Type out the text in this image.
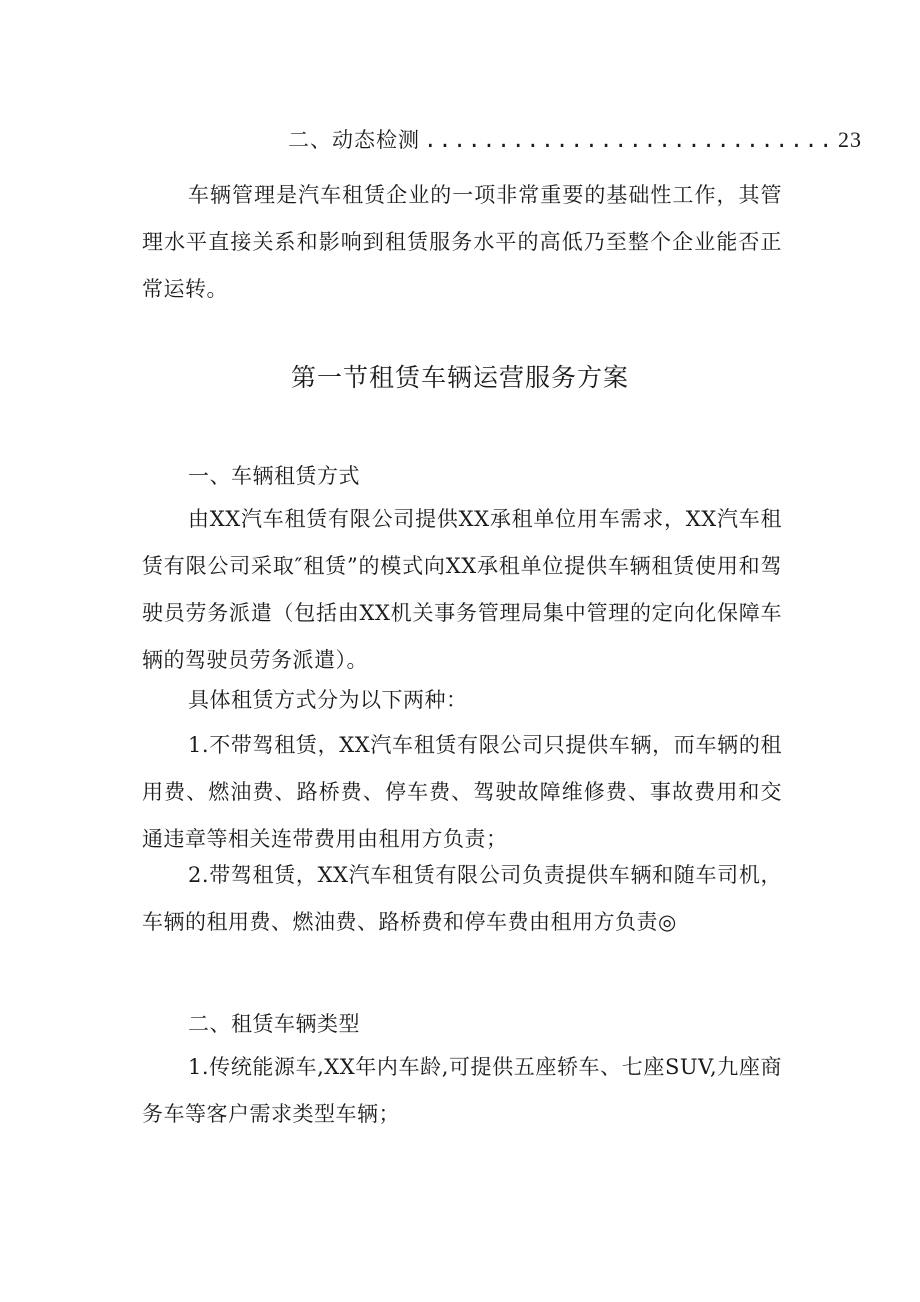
二、动态检测 ............................ 23

车辆管理是汽车租赁企业的一项非常重要的基础性工作，其管理水平直接关系和影响到租赁服务水平的高低乃至整个企业能否正常运转。

第一节租赁车辆运营服务方案
一、车辆租赁方式

由XX汽车租赁有限公司提供XX承租单位用车需求，XX汽车租赁有限公司采取″租赁”的模式向XX承租单位提供车辆租赁使用和驾驶员劳务派遣（包括由XX机关事务管理局集中管理的定向化保障车辆的驾驶员劳务派遣）。

具体租赁方式分为以下两种：

1.不带驾租赁，XX汽车租赁有限公司只提供车辆，而车辆的租用费、燃油费、路桥费、停车费、驾驶故障维修费、事故费用和交通违章等相关连带费用由租用方负责；

2.带驾租赁，XX汽车租赁有限公司负责提供车辆和随车司机，车辆的租用费、燃油费、路桥费和停车费由租用方负责◎

二、租赁车辆类型

1.传统能源车,XX年内车龄,可提供五座轿车、七座SUV,九座商务车等客户需求类型车辆；
